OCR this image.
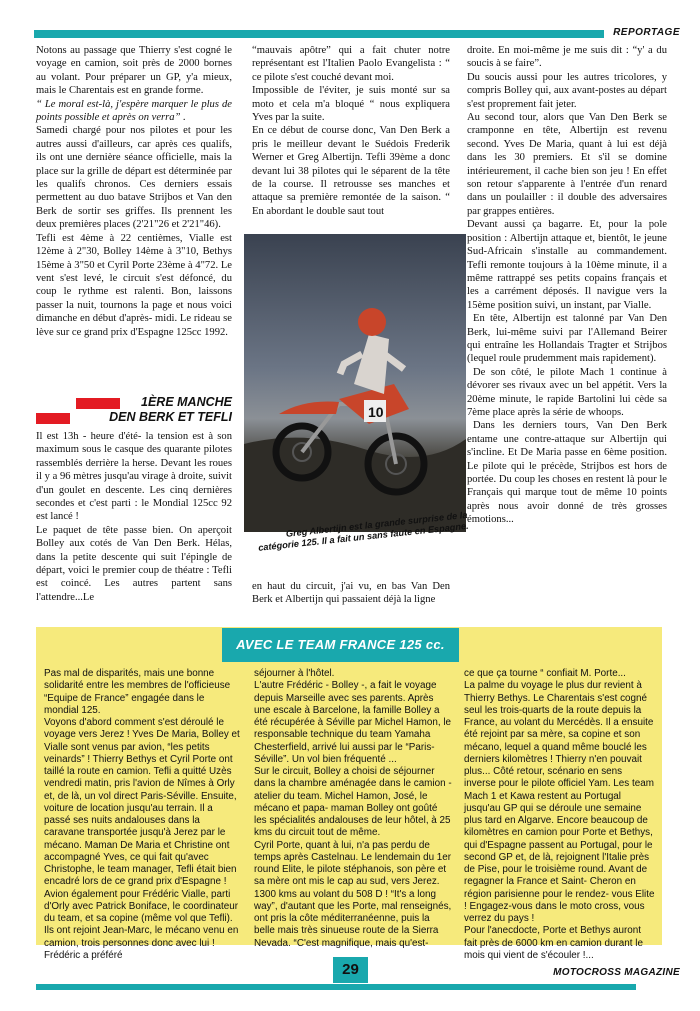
REPORTAGE

Notons au passage que Thierry s'est cogné le voyage en camion, soit près de 2000 bornes au volant. Pour préparer un GP, y'a mieux, mais le Charentais est en grande forme.

“ Le moral est-là, j'espère marquer le plus de points possible et après on verra” .

Samedi chargé pour nos pilotes et pour les autres aussi d'ailleurs, car après ces qualifs, ils ont une dernière séance officielle, mais la place sur la grille de départ est déterminée par les qualifs chronos. Ces derniers essais permettent au duo batave Strijbos et Van den Berk de sortir ses griffes. Ils prennent les deux premières places (2'21"26 et 2'21"46).

Tefli est 4ème à 22 centièmes, Vialle est 12ème à 2"30, Bolley 14ème à 3"10, Bethys 15ème à 3"50 et Cyril Porte 23ème à 4"72. Le vent s'est levé, le circuit s'est défoncé, du coup le rythme est ralenti. Bon, laissons passer la nuit, tournons la page et nous voici dimanche en début d'après- midi. Le rideau se lève sur ce grand prix d'Espagne 125cc 1992.

1ÈRE MANCHE
DEN BERK ET TEFLI

Il est 13h - heure d'été- la tension est à son maximum sous le casque des quarante pilotes rassemblés derrière la herse. Devant les roues il y a 96 mètres jusqu'au virage à droite, suivit d'un goulet en descente. Les cinq dernières secondes et c'est parti : le Mondial 125cc 92 est lancé !

Le paquet de tête passe bien. On aperçoit Bolley aux cotés de Van Den Berk. Hélas, dans la petite descente qui suit l'épingle de départ, voici le premier coup de théatre : Tefli est coincé. Les autres partent sans l'attendre...Le

“mauvais apôtre” qui a fait chuter notre représentant est l'Italien Paolo Evangelista : “ ce pilote s'est couché devant moi.

Impossible de l'éviter, je suis monté sur sa moto et cela m'a bloqué “ nous expliquera Yves par la suite.

En ce début de course donc, Van Den Berk a pris le meilleur devant le Suédois Frederik Werner et Greg Albertijn. Tefli 39ème a donc devant lui 38 pilotes qui le séparent de la tête de la course. Il retrousse ses manches et attaque sa première remontée de la saison. “ En abordant le double saut tout

10
Greg Albertijn est la grande surprise de la catégorie 125. Il a fait un sans faute en Espagne.

en haut du circuit, j'ai vu, en bas Van Den Berk et Albertijn qui passaient déjà la ligne

droite. En moi-même je me suis dit : “y' a du soucis à se faire”.

Du soucis aussi pour les autres tricolores, y compris Bolley qui, aux avant-postes au départ s'est proprement fait jeter.

Au second tour, alors que Van Den Berk se cramponne en tête, Albertijn est revenu second. Yves De Maria, quant à lui est déjà dans les 30 premiers. Et s'il se domine intérieurement, il cache bien son jeu ! En effet son retour s'apparente à l'entrée d'un renard dans un poulailler : il double des adversaires par grappes entières.

Devant aussi ça bagarre. Et, pour la pole position : Albertijn attaque et, bientôt, le jeune Sud-Africain s'installe au commandement. Tefli remonte toujours à la 10ème minute, il a même rattrappé ses petits copains français et les a carrément déposés. Il navigue vers la 15ème position suivi, un instant, par Vialle.

En tête, Albertijn est talonné par Van Den Berk, lui-même suivi par l'Allemand Beirer qui entraîne les Hollandais Tragter et Strijbos (lequel roule prudemment mais rapidement).

De son côté, le pilote Mach 1 continue à dévorer ses rivaux avec un bel appétit. Vers la 20ème minute, le rapide Bartolini lui cède sa 7ème place après la série de whoops.

Dans les derniers tours, Van Den Berk entame une contre-attaque sur Albertijn qui s'incline. Et De Maria passe en 6ème position. Le pilote qui le précède, Strijbos est hors de portée. Du coup les choses en restent là pour le Français qui marque tout de même 10 points après nous avoir donné de très grosses émotions...

AVEC LE TEAM FRANCE 125 cc.

Pas mal de disparités, mais une bonne solidarité entre les membres de l'officieuse “Equipe de France” engagée dans le mondial 125.

Voyons d'abord comment s'est déroulé le voyage vers Jerez ! Yves De Maria, Bolley et Vialle sont venus par avion, “les petits veinards” ! Thierry Bethys et Cyril Porte ont taillé la route en camion. Tefli a quitté Uzès vendredi matin, pris l'avion de Nîmes à Orly et, de là, un vol direct Paris-Séville. Ensuite, voiture de location jusqu'au terrain. Il a passé ses nuits andalouses dans la caravane transportée jusqu'à Jerez par le mécano. Maman De Maria et Christine ont accompagné Yves, ce qui fait qu'avec Christophe, le team manager, Tefli était bien encadré lors de ce grand prix d'Espagne !

Avion également pour Frédéric Vialle, parti d'Orly avec Patrick Boniface, le coordinateur du team, et sa copine (même vol que Tefli). Ils ont rejoint Jean-Marc, le mécano venu en camion, trois personnes donc avec lui ! Frédéric a préféré

séjourner à l'hôtel.

L'autre Frédéric - Bolley -, a fait le voyage depuis Marseille avec ses parents. Après une escale à Barcelone, la famille Bolley a été récupérée à Séville par Michel Hamon, le responsable technique du team Yamaha Chesterfield, arrivé lui aussi par le “Paris- Séville”. Un vol bien fréquenté ...

Sur le circuit, Bolley a choisi de séjourner dans la chambre aménagée dans le camion - atelier du team. Michel Hamon, José, le mécano et papa- maman Bolley ont goûté les spécialités andalouses de leur hôtel, à 25 kms du circuit tout de même.

Cyril Porte, quant à lui, n'a pas perdu de temps après Castelnau. Le lendemain du 1er round Elite, le pilote stéphanois, son père et sa mère ont mis le cap au sud, vers Jerez. 1300 kms au volant du 508 D ! “It's a long way”, d'autant que les Porte, mal renseignés, ont pris la côte méditerranéenne, puis la belle mais très sinueuse route de la Sierra Nevada. “C'est magnifique, mais qu'est-

ce que ça tourne “ confiait M. Porte...

La palme du voyage le plus dur revient à Thierry Bethys. Le Charentais s'est cogné seul les trois-quarts de la route depuis la France, au volant du Mercédès. Il a ensuite été rejoint par sa mère, sa copine et son mécano, lequel a quand même bouclé les derniers kilomètres ! Thierry n'en pouvait plus... Côté retour, scénario en sens inverse pour le pilote officiel Yam. Les team Mach 1 et Kawa restent au Portugal jusqu'au GP qui se déroule une semaine plus tard en Algarve. Encore beaucoup de kilomètres en camion pour Porte et Bethys, qui d'Espagne passent au Portugal, pour le second GP et, de là, rejoignent l'Italie près de Pise, pour le troisième round. Avant de regagner la France et Saint- Cheron en région parisienne pour le rendez- vous Elite ! Engagez-vous dans le moto cross, vous verrez du pays !

Pour l'anecdocte, Porte et Bethys auront fait près de 6000 km en camion durant le mois qui vient de s'écouler !...

29	MOTOCROSS MAGAZINE
